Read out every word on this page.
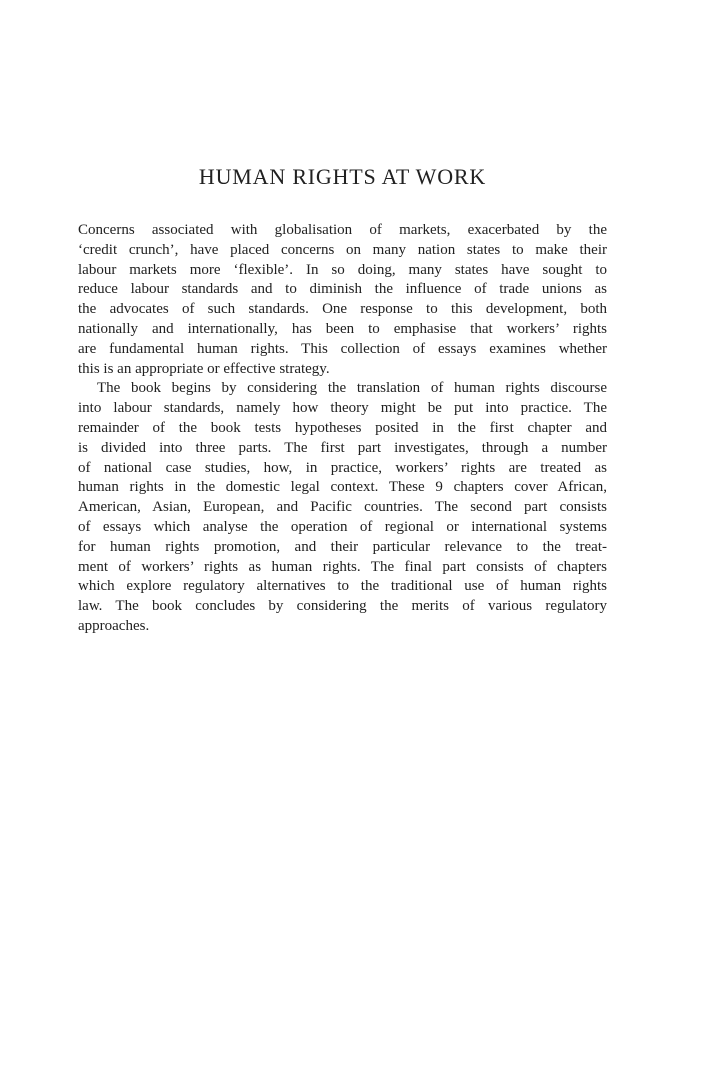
HUMAN RIGHTS AT WORK
Concerns associated with globalisation of markets, exacerbated by the
‘credit crunch’, have placed concerns on many nation states to make their
labour markets more ‘flexible’. In so doing, many states have sought to
reduce labour standards and to diminish the influence of trade unions as
the advocates of such standards. One response to this development, both
nationally and internationally, has been to emphasise that workers’ rights
are fundamental human rights. This collection of essays examines whether
this is an appropriate or effective strategy.
The book begins by considering the translation of human rights discourse
into labour standards, namely how theory might be put into practice. The
remainder of the book tests hypotheses posited in the first chapter and
is divided into three parts. The first part investigates, through a number
of national case studies, how, in practice, workers’ rights are treated as
human rights in the domestic legal context. These 9 chapters cover African,
American, Asian, European, and Pacific countries. The second part consists
of essays which analyse the operation of regional or international systems
for human rights promotion, and their particular relevance to the treat-
ment of workers’ rights as human rights. The final part consists of chapters
which explore regulatory alternatives to the traditional use of human rights
law. The book concludes by considering the merits of various regulatory
approaches.
